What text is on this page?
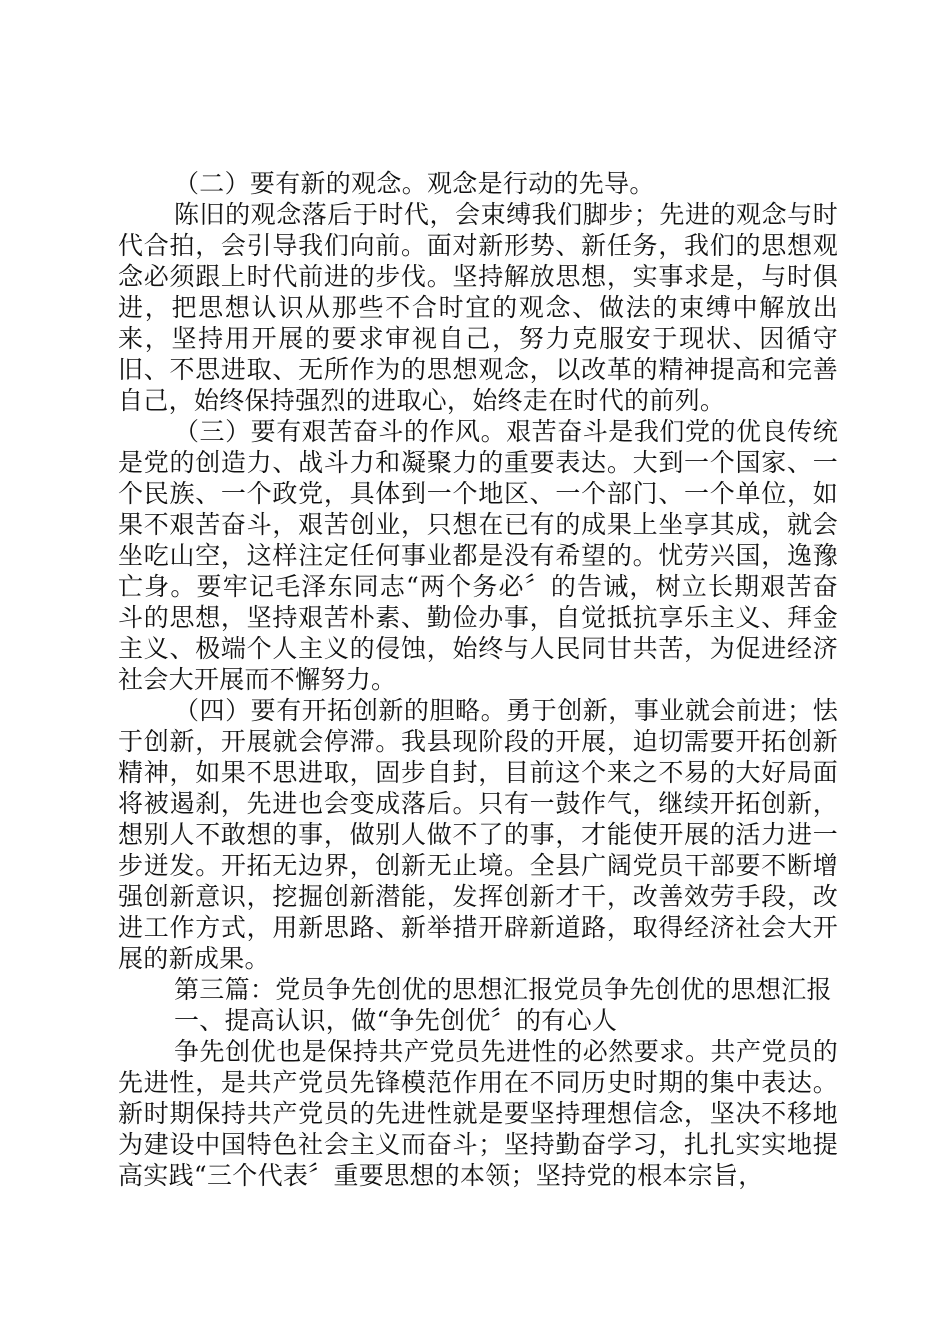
（二）要有新的观念。观念是行动的先导。

陈旧的观念落后于时代，会束缚我们脚步；先进的观念与时代合拍，会引导我们向前。面对新形势、新任务，我们的思想观念必须跟上时代前进的步伐。坚持解放思想，实事求是，与时俱进，把思想认识从那些不合时宜的观念、做法的束缚中解放出来，坚持用开展的要求审视自己，努力克服安于现状、因循守旧、不思进取、无所作为的思想观念，以改革的精神提高和完善自己，始终保持强烈的进取心，始终走在时代的前列。

（三）要有艰苦奋斗的作风。艰苦奋斗是我们党的优良传统是党的创造力、战斗力和凝聚力的重要表达。大到一个国家、一个民族、一个政党，具体到一个地区、一个部门、一个单位，如果不艰苦奋斗，艰苦创业，只想在已有的成果上坐享其成，就会坐吃山空，这样注定任何事业都是没有希望的。忧劳兴国，逸豫亡身。要牢记毛泽东同志“两个务必〞的告诫，树立长期艰苦奋斗的思想，坚持艰苦朴素、勤俭办事，自觉抵抗享乐主义、拜金主义、极端个人主义的侵蚀，始终与人民同甘共苦，为促进经济社会大开展而不懈努力。

（四）要有开拓创新的胆略。勇于创新，事业就会前进；怯于创新，开展就会停滞。我县现阶段的开展，迫切需要开拓创新精神，如果不思进取，固步自封，目前这个来之不易的大好局面将被遏刹，先进也会变成落后。只有一鼓作气，继续开拓创新，想别人不敢想的事，做别人做不了的事，才能使开展的活力进一步迸发。开拓无边界，创新无止境。全县广阔党员干部要不断增强创新意识，挖掘创新潜能，发挥创新才干，改善效劳手段，改进工作方式，用新思路、新举措开辟新道路，取得经济社会大开展的新成果。

第三篇：党员争先创优的思想汇报党员争先创优的思想汇报

一、提高认识，做“争先创优〞的有心人

争先创优也是保持共产党员先进性的必然要求。共产党员的先进性，是共产党员先锋模范作用在不同历史时期的集中表达。新时期保持共产党员的先进性就是要坚持理想信念，坚决不移地为建设中国特色社会主义而奋斗；坚持勤奋学习，扎扎实实地提高实践“三个代表〞重要思想的本领；坚持党的根本宗旨，
